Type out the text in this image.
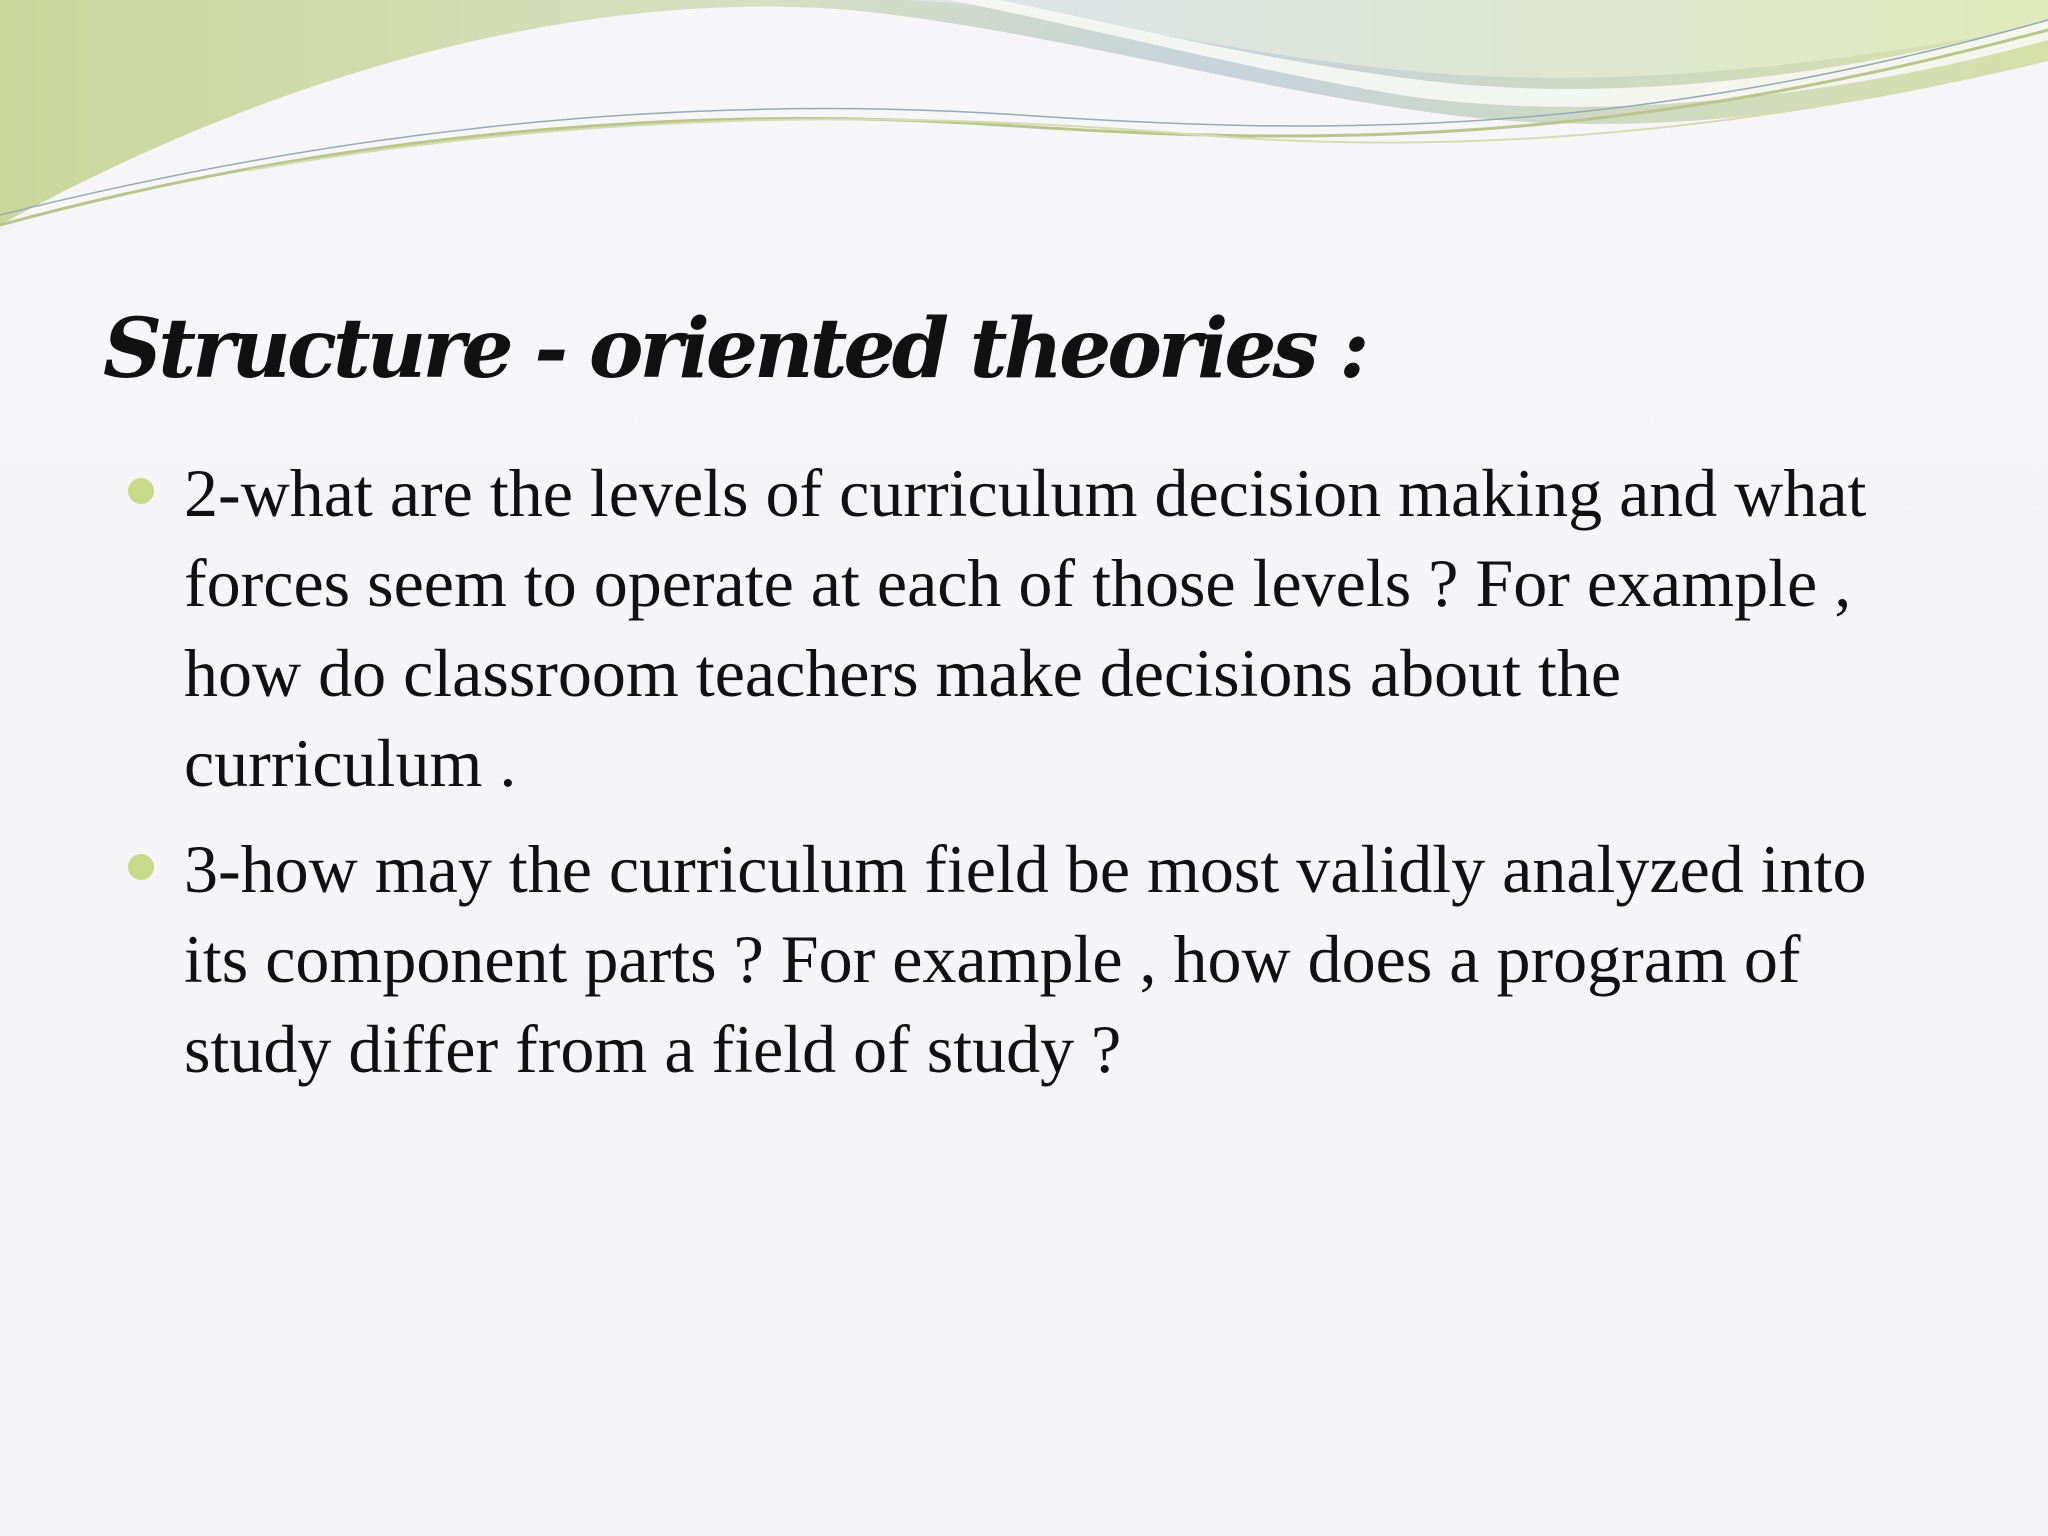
Structure - oriented theories :
2-what are the levels of curriculum decision making and what forces seem to operate at each of those levels ? For example , how do classroom teachers make decisions about the curriculum .
3-how may the curriculum field be most validly analyzed into its component parts ? For example , how does a program of study differ from a field of study ?
